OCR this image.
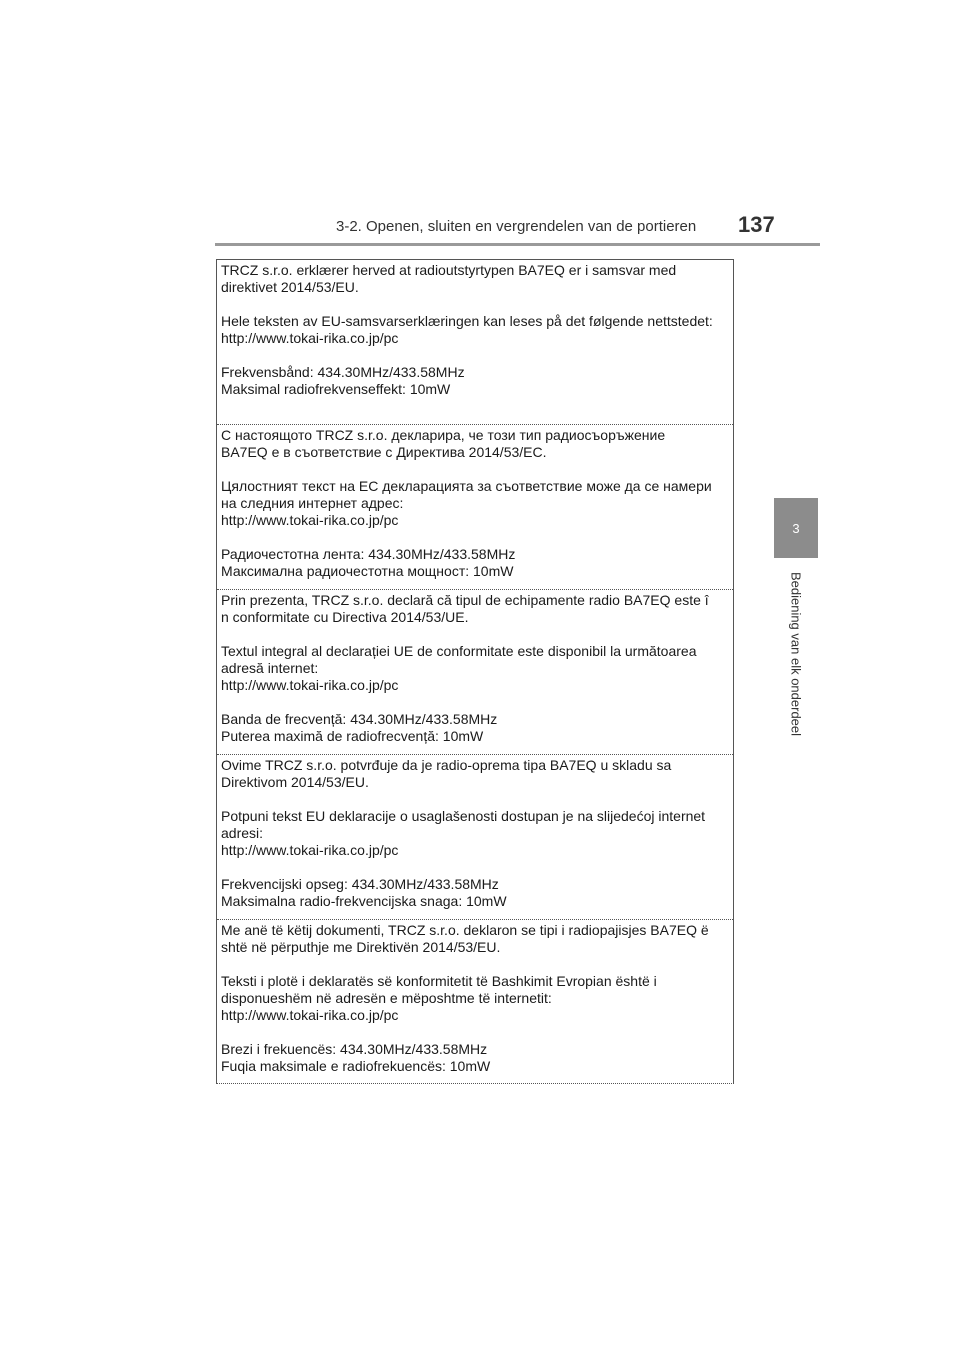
3-2. Openen, sluiten en vergrendelen van de portieren 137
3
Bediening van elk onderdeel

TRCZ s.r.o. erklærer herved at radioutstyrtypen BA7EQ er i samsvar med
direktivet 2014/53/EU.

Hele teksten av EU-samsvarserklæringen kan leses på det følgende nettstedet:
http://www.tokai-rika.co.jp/pc

Frekvensbånd: 434.30MHz/433.58MHz
Maksimal radiofrekvenseffekt: 10mW

С настоящото TRCZ s.r.o. декларира, че този тип радиосъоръжение
BA7EQ е в съответствие с Директива 2014/53/ЕС.

Цялостният текст на ЕС декларацията за съответствие може да се намери
на следния интернет адрес:
http://www.tokai-rika.co.jp/pc

Радиочестотна лента: 434.30MHz/433.58MHz
Максимална радиочестотна мощност: 10mW

Prin prezenta, TRCZ s.r.o. declară că tipul de echipamente radio BA7EQ este î
n conformitate cu Directiva 2014/53/UE.

Textul integral al declarației UE de conformitate este disponibil la următoarea
adresă internet:
http://www.tokai-rika.co.jp/pc

Banda de frecvență: 434.30MHz/433.58MHz
Puterea maximă de radiofrecvență: 10mW

Ovime TRCZ s.r.o. potvrđuje da je radio-oprema tipa BA7EQ u skladu sa
Direktivom 2014/53/EU.

Potpuni tekst EU deklaracije o usaglašenosti dostupan je na slijedećoj internet
adresi:
http://www.tokai-rika.co.jp/pc

Frekvencijski opseg: 434.30MHz/433.58MHz
Maksimalna radio-frekvencijska snaga: 10mW

Me anë të këtij dokumenti, TRCZ s.r.o. deklaron se tipi i radiopajisjes BA7EQ ë
shtë në përputhje me Direktivën 2014/53/EU.

Teksti i plotë i deklaratës së konformitetit të Bashkimit Evropian është i
disponueshëm në adresën e mëposhtme të internetit:
http://www.tokai-rika.co.jp/pc

Brezi i frekuencës: 434.30MHz/433.58MHz
Fuqia maksimale e radiofrekuencës: 10mW
